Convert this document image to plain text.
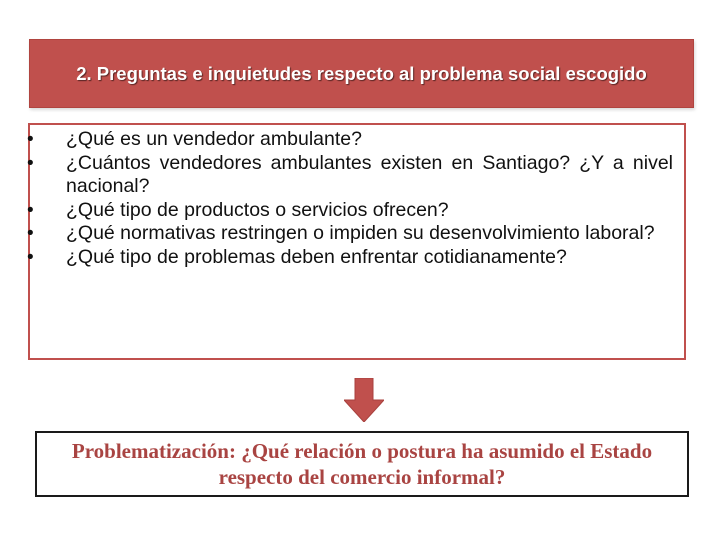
2. Preguntas e inquietudes respecto al problema social escogido
• ¿Qué es un vendedor ambulante?
• ¿Cuántos vendedores ambulantes existen en Santiago? ¿Y a nivel nacional?
• ¿Qué tipo de productos o servicios ofrecen?
• ¿Qué normativas restringen o impiden su desenvolvimiento laboral?
• ¿Qué tipo de problemas deben enfrentar cotidianamente?
Problematización: ¿Qué relación o postura ha asumido el Estado respecto del comercio informal?
